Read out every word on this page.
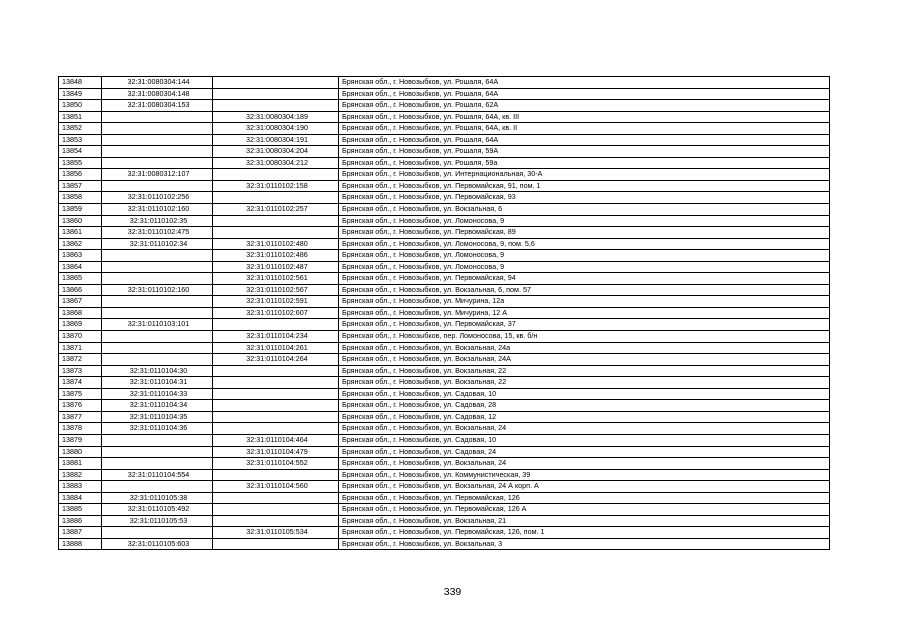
13848	32:31:0080304:144		Брянская обл., г. Новозыбков, ул. Рошаля, 64А
13849	32:31:0080304:148		Брянская обл., г. Новозыбков, ул. Рошаля, 64А
13850	32:31:0080304:153		Брянская обл., г. Новозыбков, ул. Рошаля, 62А
13851		32:31:0080304:189	Брянская обл., г. Новозыбков, ул. Рошаля, 64А, кв. III
13852		32:31:0080304:190	Брянская обл., г. Новозыбков, ул. Рошаля, 64А, кв. II
13853		32:31:0080304:191	Брянская обл., г. Новозыбков, ул. Рошаля, 64А
13854		32:31:0080304:204	Брянская обл., г. Новозыбков, ул. Рошаля, 59А
13855		32:31:0080304:212	Брянская обл., г. Новозыбков, ул. Рошаля, 59а
13856	32:31:0080312:107		Брянская обл., г. Новозыбков, ул. Интернациональная, 30-А
13857		32:31:0110102:158	Брянская обл., г. Новозыбков, ул. Первомайская, 91, пом. 1
13858	32:31:0110102:256		Брянская обл., г. Новозыбков, ул. Первомайская, 93
13859	32:31:0110102:160	32:31:0110102:257	Брянская обл., г. Новозыбков, ул. Вокзальная, 6
13860	32:31:0110102:35		Брянская обл., г. Новозыбков, ул. Ломоносова, 9
13861	32:31:0110102:475		Брянская обл., г. Новозыбков, ул. Первомайская, 89
13862	32:31:0110102:34	32:31:0110102:480	Брянская обл., г. Новозыбков, ул. Ломоносова, 9, пом. 5,6
13863		32:31:0110102:486	Брянская обл., г. Новозыбков, ул. Ломоносова, 9
13864		32:31:0110102:487	Брянская обл., г. Новозыбков, ул. Ломоносова, 9
13865		32:31:0110102:561	Брянская обл., г. Новозыбков, ул. Первомайская, 94
13866	32:31:0110102:160	32:31:0110102:567	Брянская обл., г. Новозыбков, ул. Вокзальная, 6, пом. 57
13867		32:31:0110102:591	Брянская обл., г. Новозыбков, ул. Мичурина, 12а
13868		32:31:0110102:607	Брянская обл., г. Новозыбков, ул. Мичурина, 12 А
13869	32:31:0110103:101		Брянская обл., г. Новозыбков, ул. Первомайская, 37
13870		32:31:0110104:234	Брянская обл., г. Новозыбков, пер. Ломоносова, 15, кв. б/н
13871		32:31:0110104:261	Брянская обл., г. Новозыбков, ул. Вокзальная, 24а
13872		32:31:0110104:264	Брянская обл., г. Новозыбков, ул. Вокзальная, 24А
13873	32:31:0110104:30		Брянская обл., г. Новозыбков, ул. Вокзальная, 22
13874	32:31:0110104:31		Брянская обл., г. Новозыбков, ул. Вокзальная, 22
13875	32:31:0110104:33		Брянская обл., г. Новозыбков, ул. Садовая, 10
13876	32:31:0110104:34		Брянская обл., г. Новозыбков, ул. Садовая, 28
13877	32:31:0110104:35		Брянская обл., г. Новозыбков, ул. Садовая, 12
13878	32:31:0110104:36		Брянская обл., г. Новозыбков, ул. Вокзальная, 24
13879		32:31:0110104:464	Брянская обл., г. Новозыбков, ул. Садовая, 10
13880		32:31:0110104:479	Брянская обл., г. Новозыбков, ул. Садовая, 24
13881		32:31:0110104:552	Брянская обл., г. Новозыбков, ул. Вокзальная, 24
13882	32:31:0110104:554		Брянская обл., г. Новозыбков, ул. Коммунистическая, 39
13883		32:31:0110104:560	Брянская обл., г. Новозыбков, ул. Вокзальная, 24 А корп. А
13884	32:31:0110105:38		Брянская обл., г. Новозыбков, ул. Первомайская, 126
13885	32:31:0110105:492		Брянская обл., г. Новозыбков, ул. Первомайская, 126 А
13886	32:31:0110105:53		Брянская обл., г. Новозыбков, ул. Вокзальная, 21
13887		32:31:0110105:534	Брянская обл., г. Новозыбков, ул. Первомайская, 126, пом. 1
13888	32:31:0110105:603		Брянская обл., г. Новозыбков, ул. Вокзальная, 3
339
